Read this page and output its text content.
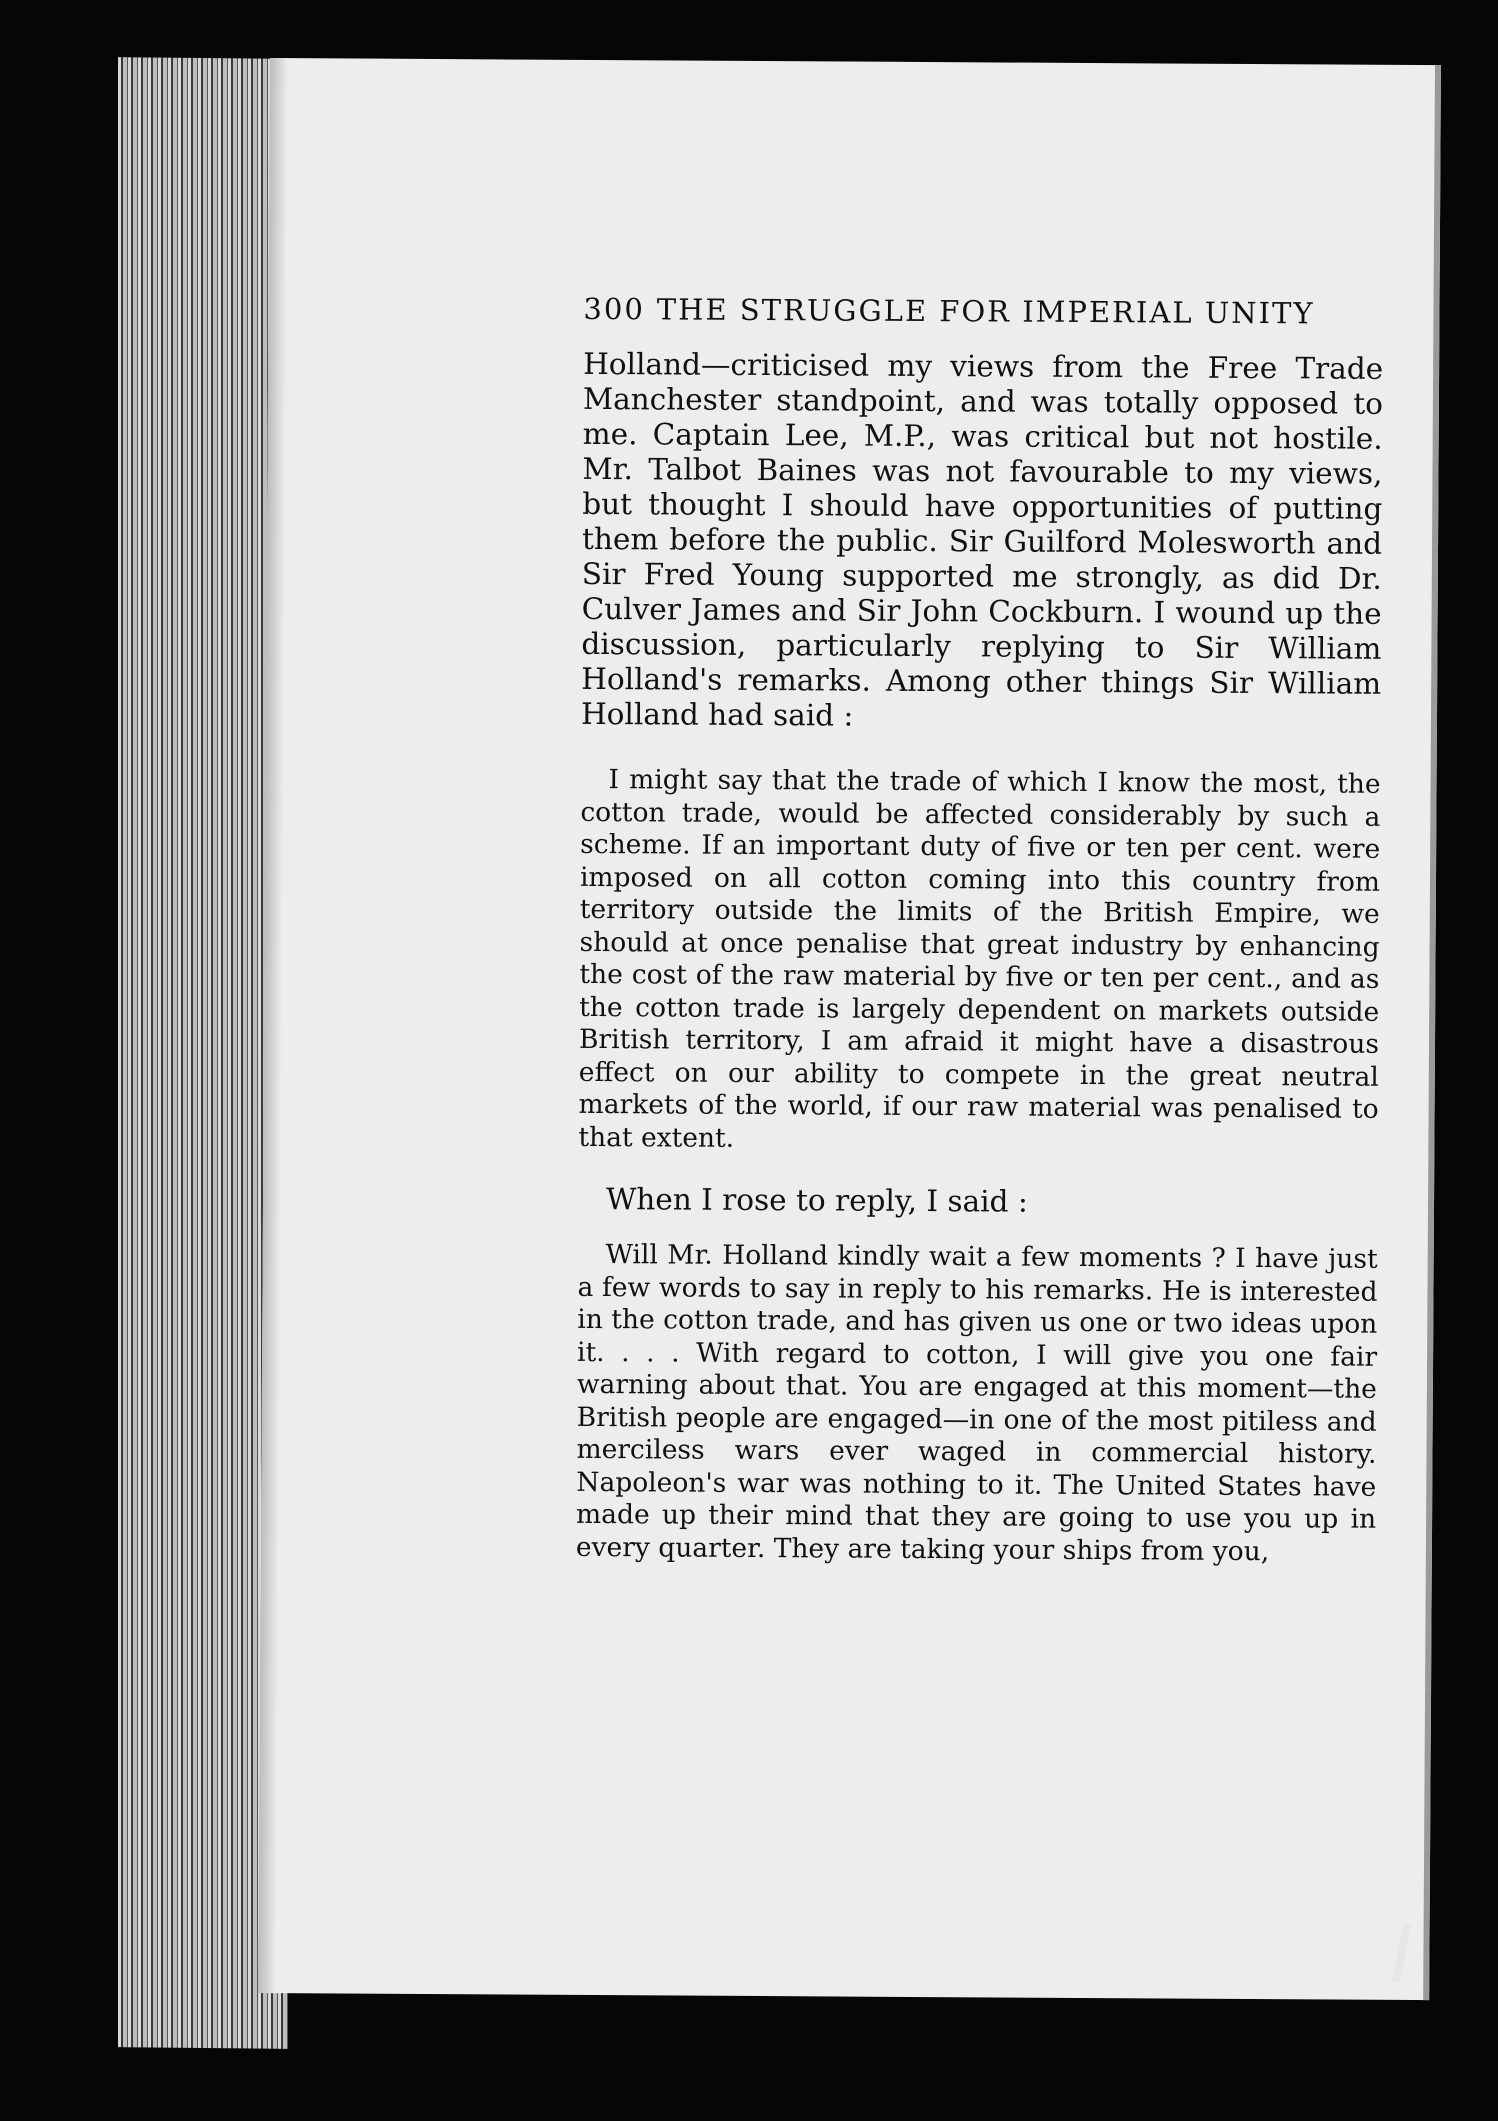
300 THE STRUGGLE FOR IMPERIAL UNITY

Holland—criticised my views from the Free Trade Manchester standpoint, and was totally opposed to me. Captain Lee, M.P., was critical but not hostile. Mr. Talbot Baines was not favourable to my views, but thought I should have opportunities of putting them before the public. Sir Guilford Molesworth and Sir Fred Young supported me strongly, as did Dr. Culver James and Sir John Cockburn. I wound up the discussion, particularly replying to Sir William Holland's remarks. Among other things Sir William Holland had said :

I might say that the trade of which I know the most, the cotton trade, would be affected considerably by such a scheme. If an important duty of five or ten per cent. were imposed on all cotton coming into this country from territory outside the limits of the British Empire, we should at once penalise that great industry by enhancing the cost of the raw material by five or ten per cent., and as the cotton trade is largely dependent on markets outside British territory, I am afraid it might have a disastrous effect on our ability to compete in the great neutral markets of the world, if our raw material was penalised to that extent.

When I rose to reply, I said :

Will Mr. Holland kindly wait a few moments ? I have just a few words to say in reply to his remarks. He is interested in the cotton trade, and has given us one or two ideas upon it. . . . With regard to cotton, I will give you one fair warning about that. You are engaged at this moment—the British people are engaged—in one of the most pitiless and merciless wars ever waged in commercial history. Napoleon's war was nothing to it. The United States have made up their mind that they are going to use you up in every quarter. They are taking your ships from you,
